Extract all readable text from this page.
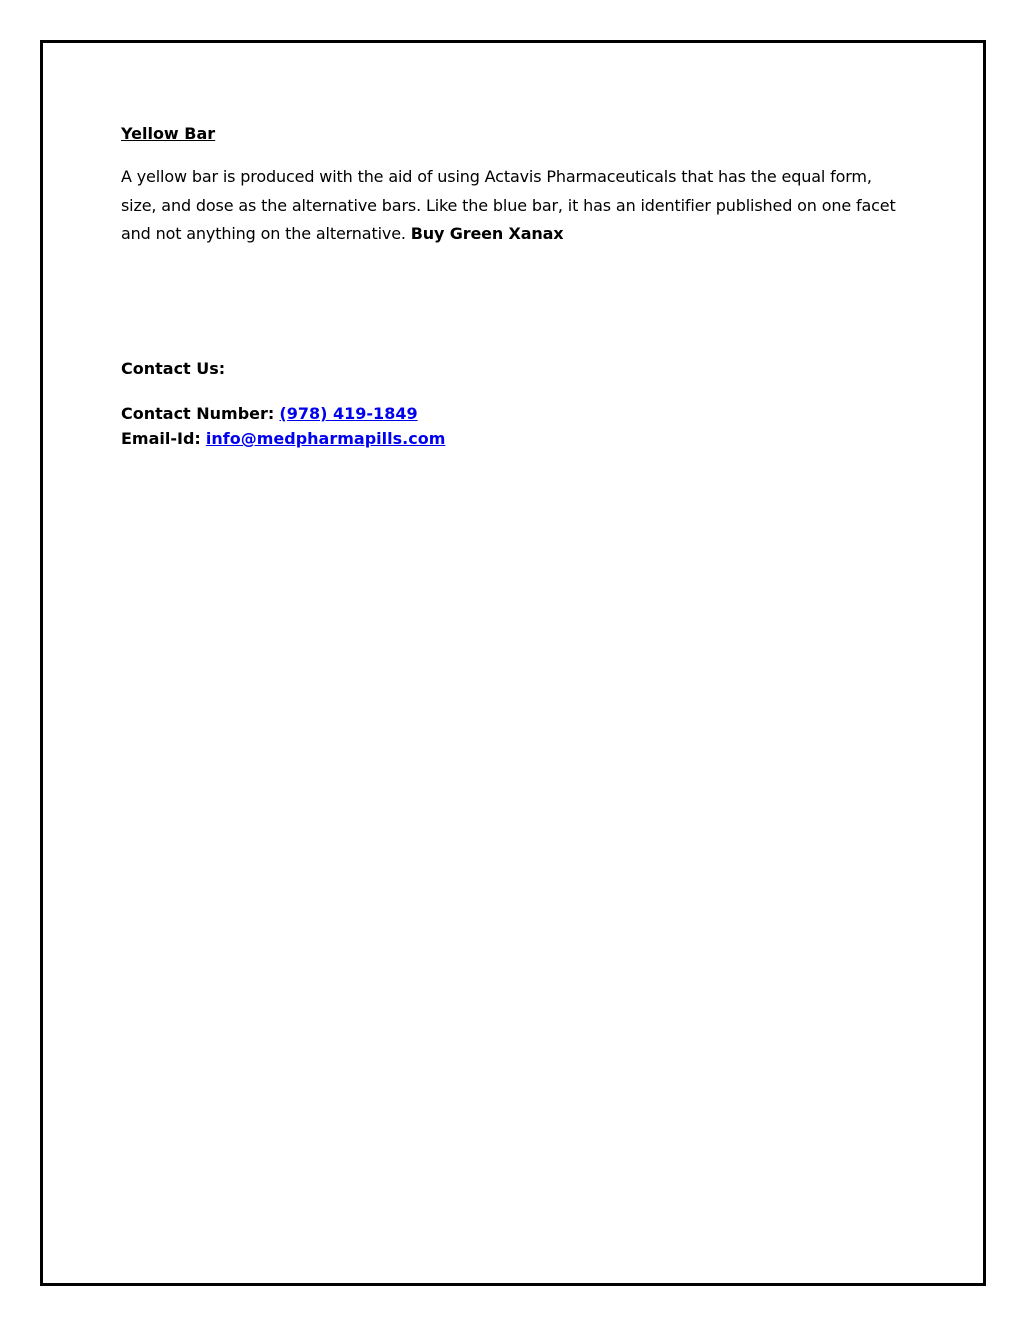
Yellow Bar

A yellow bar is produced with the aid of using Actavis Pharmaceuticals that has the equal form, size, and dose as the alternative bars. Like the blue bar, it has an identifier published on one facet and not anything on the alternative. Buy Green Xanax

Contact Us:

Contact Number: (978) 419-1849
Email-Id: info@medpharmapills.com
